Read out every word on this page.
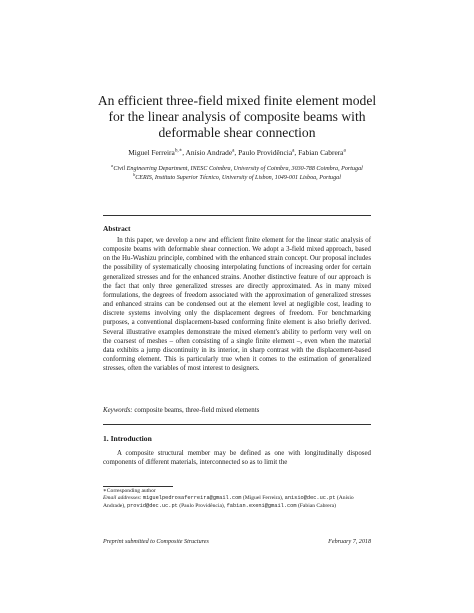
An efficient three-field mixed finite element model for the linear analysis of composite beams with deformable shear connection
Miguel Ferreira$^{b,∗}$, Anísio Andrade$^a$, Paulo Providência$^a$, Fabian Cabrera$^a$

$^a$Civil Engineering Department, INESC Coimbra, University of Coimbra, 3030-788 Coimbra, Portugal

$^b$CERIS, Instituto Superior Técnico, University of Lisbon, 1049-001 Lisboa, Portugal

Abstract

In this paper, we develop a new and efficient finite element for the linear static analysis of composite beams with deformable shear connection. We adopt a 3-field mixed approach, based on the Hu-Washizu principle, combined with the enhanced strain concept. Our proposal includes the possibility of systematically choosing interpolating functions of increasing order for certain generalized stresses and for the enhanced strains. Another distinctive feature of our approach is the fact that only three generalized stresses are directly approximated. As in many mixed formulations, the degrees of freedom associated with the approximation of generalized stresses and enhanced strains can be condensed out at the element level at negligible cost, leading to discrete systems involving only the displacement degrees of freedom. For benchmarking purposes, a conventional displacement-based conforming finite element is also briefly derived. Several illustrative examples demonstrate the mixed element's ability to perform very well on the coarsest of meshes – often consisting of a single finite element –, even when the material data exhibits a jump discontinuity in its interior, in sharp contrast with the displacement-based conforming element. This is particularly true when it comes to the estimation of generalized stresses, often the variables of most interest to designers.

Keywords: composite beams, three-field mixed elements
1. Introduction

A composite structural member may be defined as one with longitudinally disposed components of different materials, interconnected so as to limit the

∗Corresponding author

Email addresses: miguelpedrosaferreira@gmail.com (Miguel Ferreira), anisio@dec.uc.pt (Anísio Andrade), provid@dec.uc.pt (Paulo Providência), fabian.exeni@gmail.com (Fabian Cabrera)

Preprint submitted to Composite Structures	February 7, 2018
